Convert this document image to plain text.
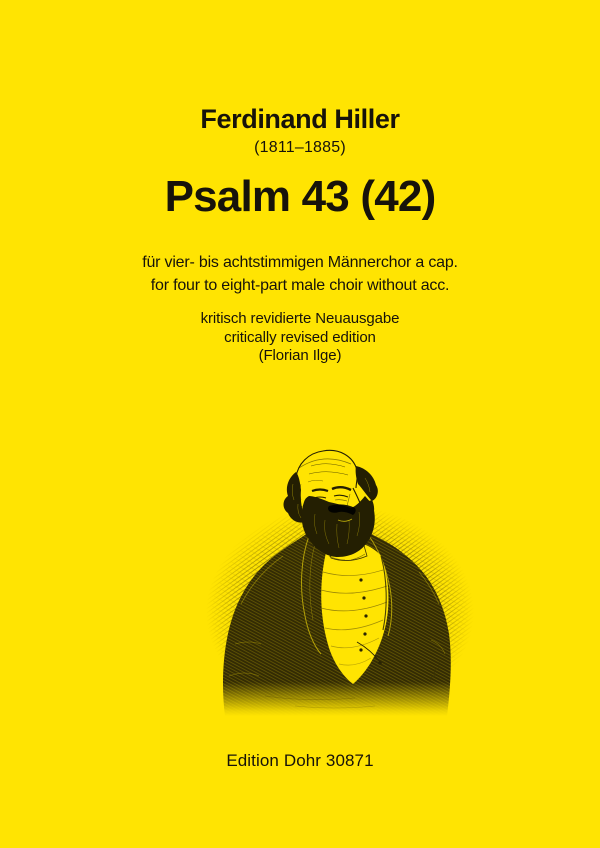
Ferdinand Hiller

(1811–1885)

Psalm 43 (42)

für vier- bis achtstimmigen Männerchor a cap.

for four to eight-part male choir without acc.

kritisch revidierte Neuausgabe

critically revised edition

(Florian Ilge)

Edition Dohr 30871
